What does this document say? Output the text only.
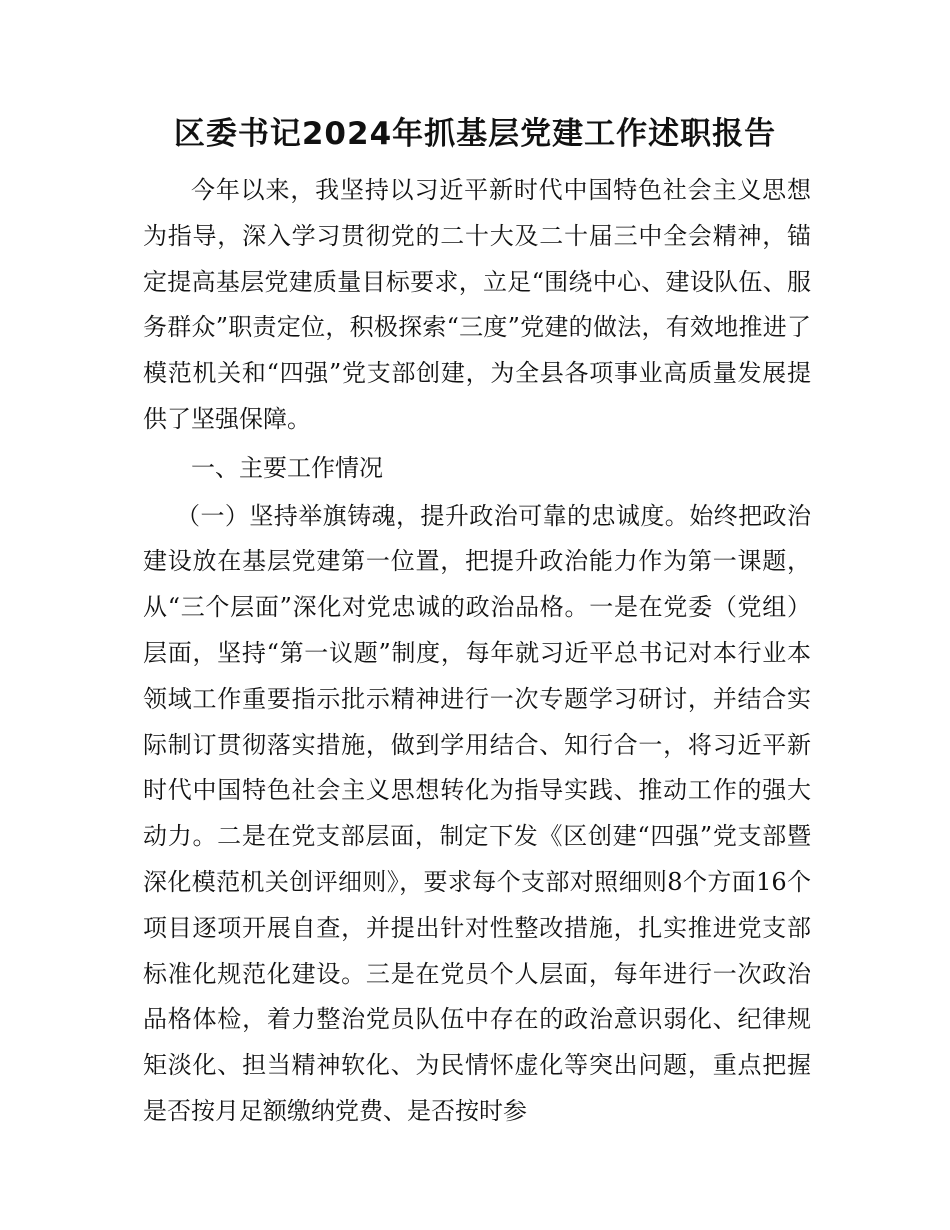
区委书记2024年抓基层党建工作述职报告

今年以来，我坚持以习近平新时代中国特色社会主义思想为指导，深入学习贯彻党的二十大及二十届三中全会精神，锚定提高基层党建质量目标要求，立足“围绕中心、建设队伍、服务群众”职责定位，积极探索“三度”党建的做法，有效地推进了模范机关和“四强”党支部创建，为全县各项事业高质量发展提供了坚强保障。

一、主要工作情况

（一）坚持举旗铸魂，提升政治可靠的忠诚度。始终把政治建设放在基层党建第一位置，把提升政治能力作为第一课题，从“三个层面”深化对党忠诚的政治品格。一是在党委（党组）层面，坚持“第一议题”制度，每年就习近平总书记对本行业本领域工作重要指示批示精神进行一次专题学习研讨，并结合实际制订贯彻落实措施，做到学用结合、知行合一，将习近平新时代中国特色社会主义思想转化为指导实践、推动工作的强大动力。二是在党支部层面，制定下发《区创建“四强”党支部暨深化模范机关创评细则》，要求每个支部对照细则8个方面16个项目逐项开展自查，并提出针对性整改措施，扎实推进党支部标准化规范化建设。三是在党员个人层面，每年进行一次政治品格体检，着力整治党员队伍中存在的政治意识弱化、纪律规矩淡化、担当精神软化、为民情怀虚化等突出问题，重点把握是否按月足额缴纳党费、是否按时参
